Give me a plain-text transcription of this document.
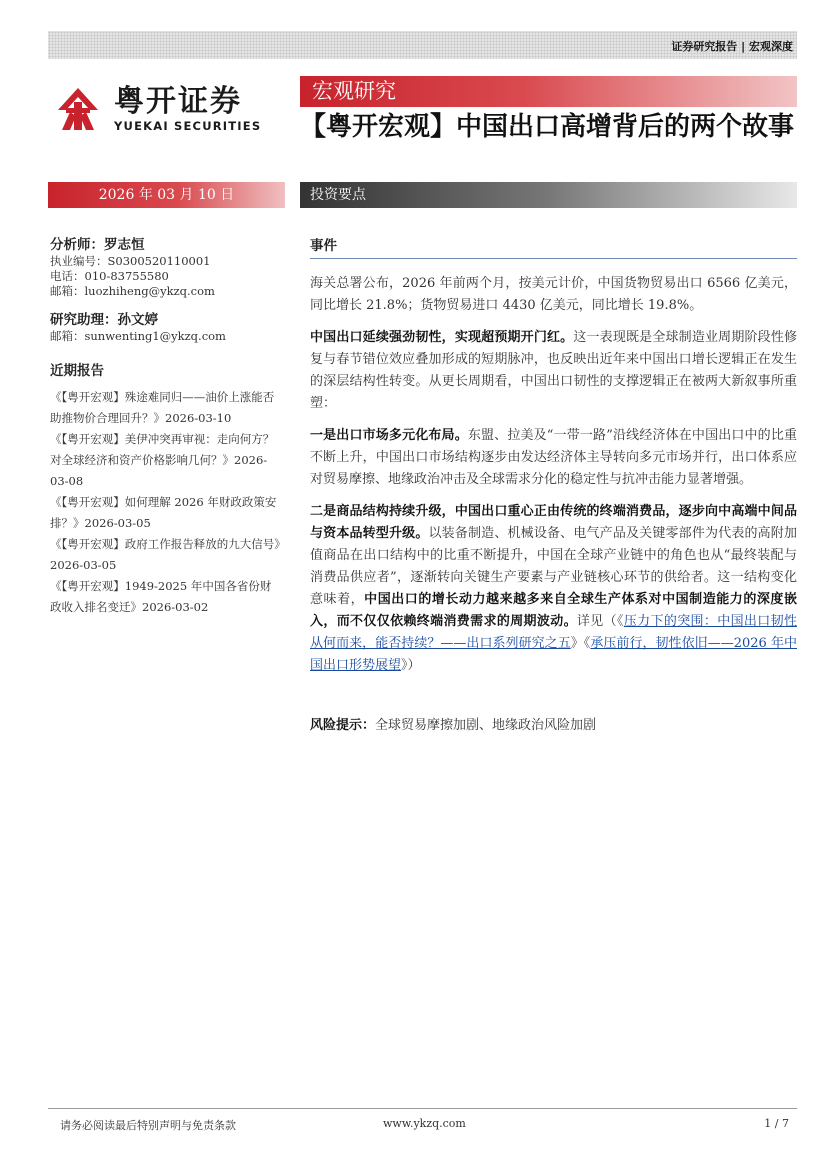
证券研究报告 | 宏观深度
粤开证券
YUEKAI SECURITIES
宏观研究
【粤开宏观】中国出口高增背后的两个故事
2026 年 03 月 10 日	投资要点
分析师：罗志恒
执业编号：S0300520110001
电话：010-83755580
邮箱：luozhiheng@ykzq.com
研究助理：孙文婷
邮箱：sunwenting1@ykzq.com
近期报告
《【粤开宏观】殊途难同归——油价上涨能否助推物价合理回升？》2026-03-10
《【粤开宏观】美伊冲突再审视：走向何方？对全球经济和资产价格影响几何？》2026-03-08
《【粤开宏观】如何理解 2026 年财政政策安排？》2026-03-05
《【粤开宏观】政府工作报告释放的九大信号》2026-03-05
《【粤开宏观】1949-2025 年中国各省份财政收入排名变迁》2026-03-02
事件

海关总署公布，2026 年前两个月，按美元计价，中国货物贸易出口 6566 亿美元，同比增长 21.8%；货物贸易进口 4430 亿美元，同比增长 19.8%。

中国出口延续强劲韧性，实现超预期开门红。这一表现既是全球制造业周期阶段性修复与春节错位效应叠加形成的短期脉冲，也反映出近年来中国出口增长逻辑正在发生的深层结构性转变。从更长周期看，中国出口韧性的支撑逻辑正在被两大新叙事所重塑：

一是出口市场多元化布局。东盟、拉美及“一带一路”沿线经济体在中国出口中的比重不断上升，中国出口市场结构逐步由发达经济体主导转向多元市场并行，出口体系应对贸易摩擦、地缘政治冲击及全球需求分化的稳定性与抗冲击能力显著增强。

二是商品结构持续升级，中国出口重心正由传统的终端消费品，逐步向中高端中间品与资本品转型升级。以装备制造、机械设备、电气产品及关键零部件为代表的高附加值商品在出口结构中的比重不断提升，中国在全球产业链中的角色也从“最终装配与消费品供应者”，逐渐转向关键生产要素与产业链核心环节的供给者。这一结构变化意味着，中国出口的增长动力越来越多来自全球生产体系对中国制造能力的深度嵌入，而不仅仅依赖终端消费需求的周期波动。详见（《压力下的突围：中国出口韧性从何而来，能否持续？——出口系列研究之五》《承压前行，韧性依旧——2026 年中国出口形势展望》）

风险提示：全球贸易摩擦加剧、地缘政治风险加剧

请务必阅读最后特别声明与免责条款	www.ykzq.com	1 / 7
